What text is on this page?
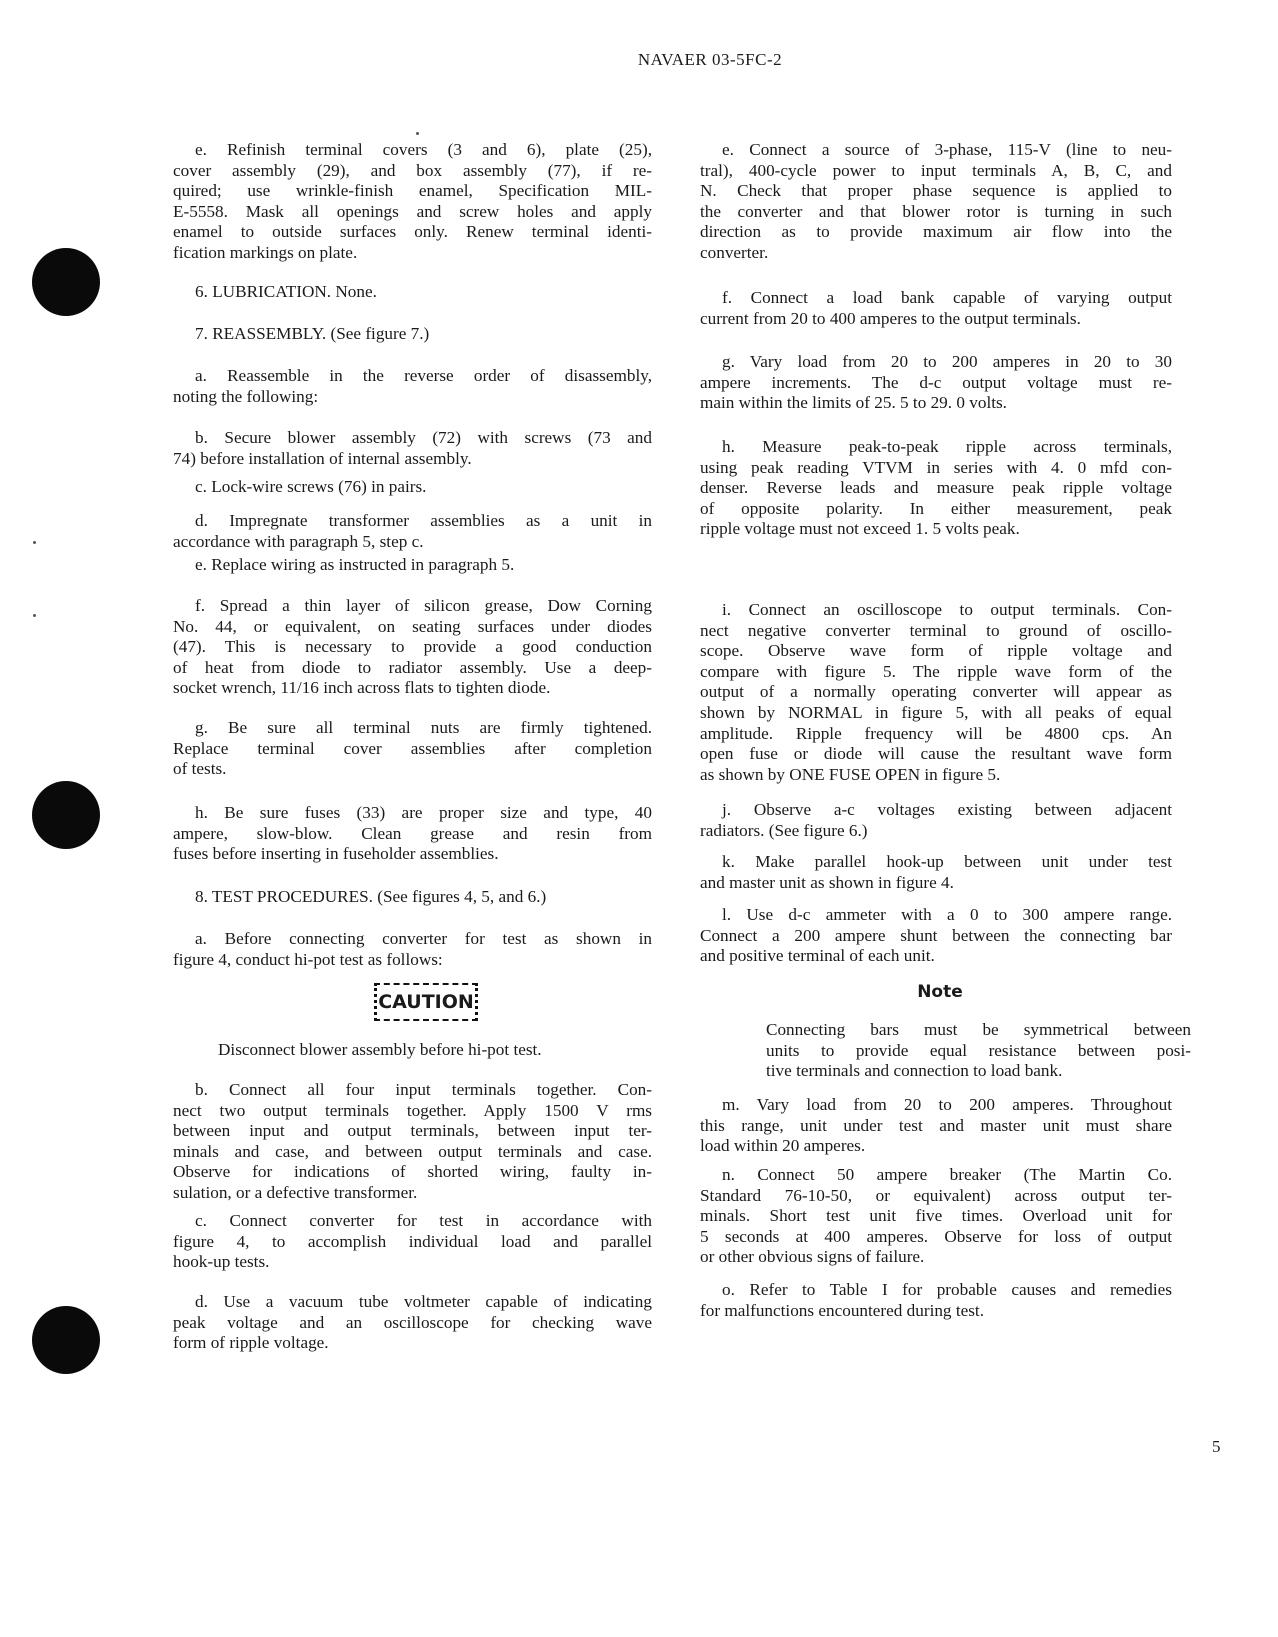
NAVAER 03-5FC-2
e. Refinish terminal covers (3 and 6), plate (25),
cover assembly (29), and box assembly (77), if re-
quired; use wrinkle-finish enamel, Specification MIL-
E-5558. Mask all openings and screw holes and apply
enamel to outside surfaces only. Renew terminal identi-
fication markings on plate.
6. LUBRICATION. None.
7. REASSEMBLY. (See figure 7.)
a. Reassemble in the reverse order of disassembly,
noting the following:
b. Secure blower assembly (72) with screws (73 and
74) before installation of internal assembly.
c. Lock-wire screws (76) in pairs.
d. Impregnate transformer assemblies as a unit in
accordance with paragraph 5, step c.
e. Replace wiring as instructed in paragraph 5.
f. Spread a thin layer of silicon grease, Dow Corning
No. 44, or equivalent, on seating surfaces under diodes
(47). This is necessary to provide a good conduction
of heat from diode to radiator assembly. Use a deep-
socket wrench, 11/16 inch across flats to tighten diode.
g. Be sure all terminal nuts are firmly tightened.
Replace terminal cover assemblies after completion
of tests.
h. Be sure fuses (33) are proper size and type, 40
ampere, slow-blow. Clean grease and resin from
fuses before inserting in fuseholder assemblies.
8. TEST PROCEDURES. (See figures 4, 5, and 6.)
a. Before connecting converter for test as shown in
figure 4, conduct hi-pot test as follows:
Disconnect blower assembly before hi-pot test.
b. Connect all four input terminals together. Con-
nect two output terminals together. Apply 1500 V rms
between input and output terminals, between input ter-
minals and case, and between output terminals and case.
Observe for indications of shorted wiring, faulty in-
sulation, or a defective transformer.
c. Connect converter for test in accordance with
figure 4, to accomplish individual load and parallel
hook-up tests.
d. Use a vacuum tube voltmeter capable of indicating
peak voltage and an oscilloscope for checking wave
form of ripple voltage.
e. Connect a source of 3-phase, 115-V (line to neu-
tral), 400-cycle power to input terminals A, B, C, and
N. Check that proper phase sequence is applied to
the converter and that blower rotor is turning in such
direction as to provide maximum air flow into the
converter.
f. Connect a load bank capable of varying output
current from 20 to 400 amperes to the output terminals.
g. Vary load from 20 to 200 amperes in 20 to 30
ampere increments. The d-c output voltage must re-
main within the limits of 25. 5 to 29. 0 volts.
h. Measure peak-to-peak ripple across terminals,
using peak reading VTVM in series with 4. 0 mfd con-
denser. Reverse leads and measure peak ripple voltage
of opposite polarity. In either measurement, peak
ripple voltage must not exceed 1. 5 volts peak.
i. Connect an oscilloscope to output terminals. Con-
nect negative converter terminal to ground of oscillo-
scope. Observe wave form of ripple voltage and
compare with figure 5. The ripple wave form of the
output of a normally operating converter will appear as
shown by NORMAL in figure 5, with all peaks of equal
amplitude. Ripple frequency will be 4800 cps. An
open fuse or diode will cause the resultant wave form
as shown by ONE FUSE OPEN in figure 5.
j. Observe a-c voltages existing between adjacent
radiators. (See figure 6.)
k. Make parallel hook-up between unit under test
and master unit as shown in figure 4.
l. Use d-c ammeter with a 0 to 300 ampere range.
Connect a 200 ampere shunt between the connecting bar
and positive terminal of each unit.
Connecting bars must be symmetrical between
units to provide equal resistance between posi-
tive terminals and connection to load bank.
m. Vary load from 20 to 200 amperes. Throughout
this range, unit under test and master unit must share
load within 20 amperes.
n. Connect 50 ampere breaker (The Martin Co.
Standard 76-10-50, or equivalent) across output ter-
minals. Short test unit five times. Overload unit for
5 seconds at 400 amperes. Observe for loss of output
or other obvious signs of failure.
o. Refer to Table I for probable causes and remedies
for malfunctions encountered during test.
CAUTION	Note
5
